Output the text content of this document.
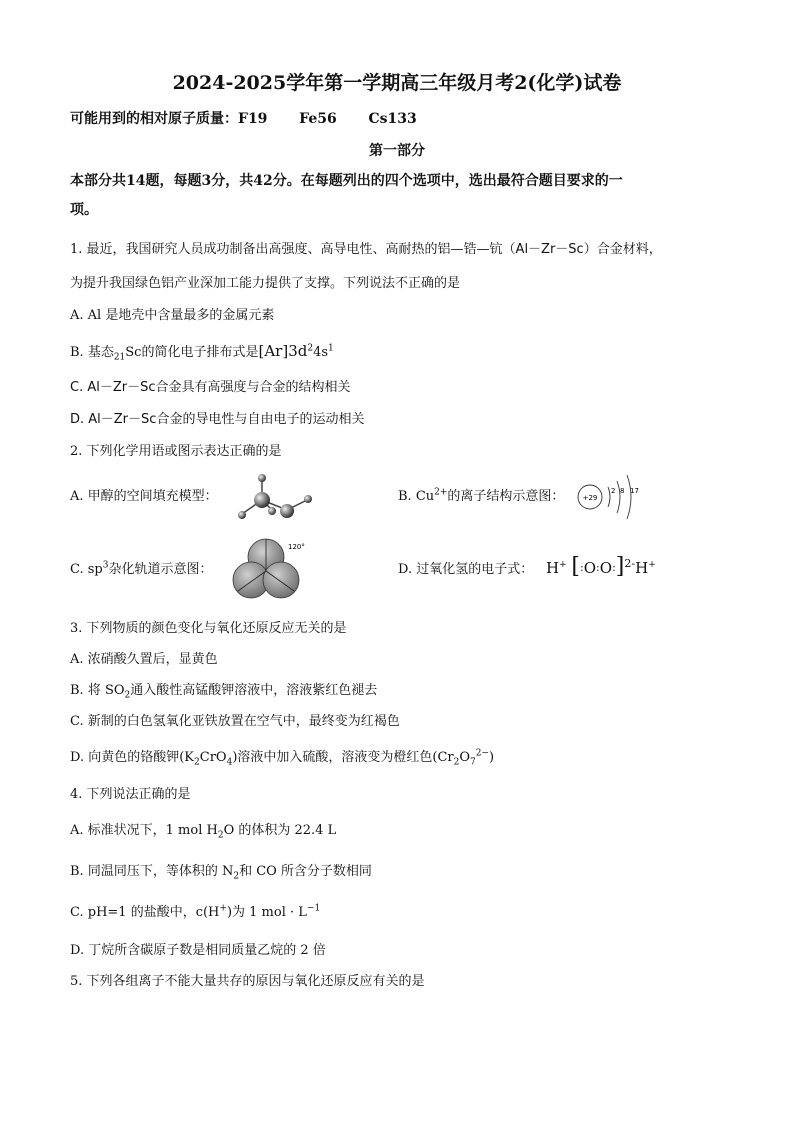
2024-2025学年第一学期高三年级月考2(化学)试卷
可能用到的相对原子质量：F19 Fe56 Cs133
第一部分
本部分共14题，每题3分，共42分。在每题列出的四个选项中，选出最符合题目要求的一
项。
1. 最近，我国研究人员成功制备出高强度、高导电性、高耐热的铝—锆—钪（Al－Zr－Sc）合金材料，
为提升我国绿色铝产业深加工能力提供了支撑。下列说法不正确的是
A. Al 是地壳中含量最多的金属元素
B. 基态$_{21}$Sc的简化电子排布式是$[Ar]3d^24s^1$
C. Al－Zr－Sc合金具有高强度与合金的结构相关
D. Al－Zr－Sc合金的导电性与自由电子的运动相关
2. 下列化学用语或图示表达正确的是
A. 甲醇的空间填充模型：	B. $Cu^{2+}$的离子结构示意图：	+29
2 8 17
C. $sp^3$杂化轨道示意图：
120°
D. 过氧化氢的电子式： H+ [:O:O:]$^{2-}$H+
3. 下列物质的颜色变化与氧化还原反应无关的是
A. 浓硝酸久置后，显黄色
B. 将 $SO_2$通入酸性高锰酸钾溶液中，溶液紫红色褪去
C. 新制的白色氢氧化亚铁放置在空气中，最终变为红褐色
D. 向黄色的铬酸钾$(K_2CrO_4)$溶液中加入硫酸，溶液变为橙红色$(Cr_2O_7^{2-})$
4. 下列说法正确的是
A. 标准状况下，1 mol $H_2O$ 的体积为 22.4 L
B. 同温同压下，等体积的 $N_2$和 CO 所含分子数相同
C. pH=1 的盐酸中，c(H+)为 1 mol · $L^{-1}$
D. 丁烷所含碳原子数是相同质量乙烷的 2 倍
5. 下列各组离子不能大量共存的原因与氧化还原反应有关的是
